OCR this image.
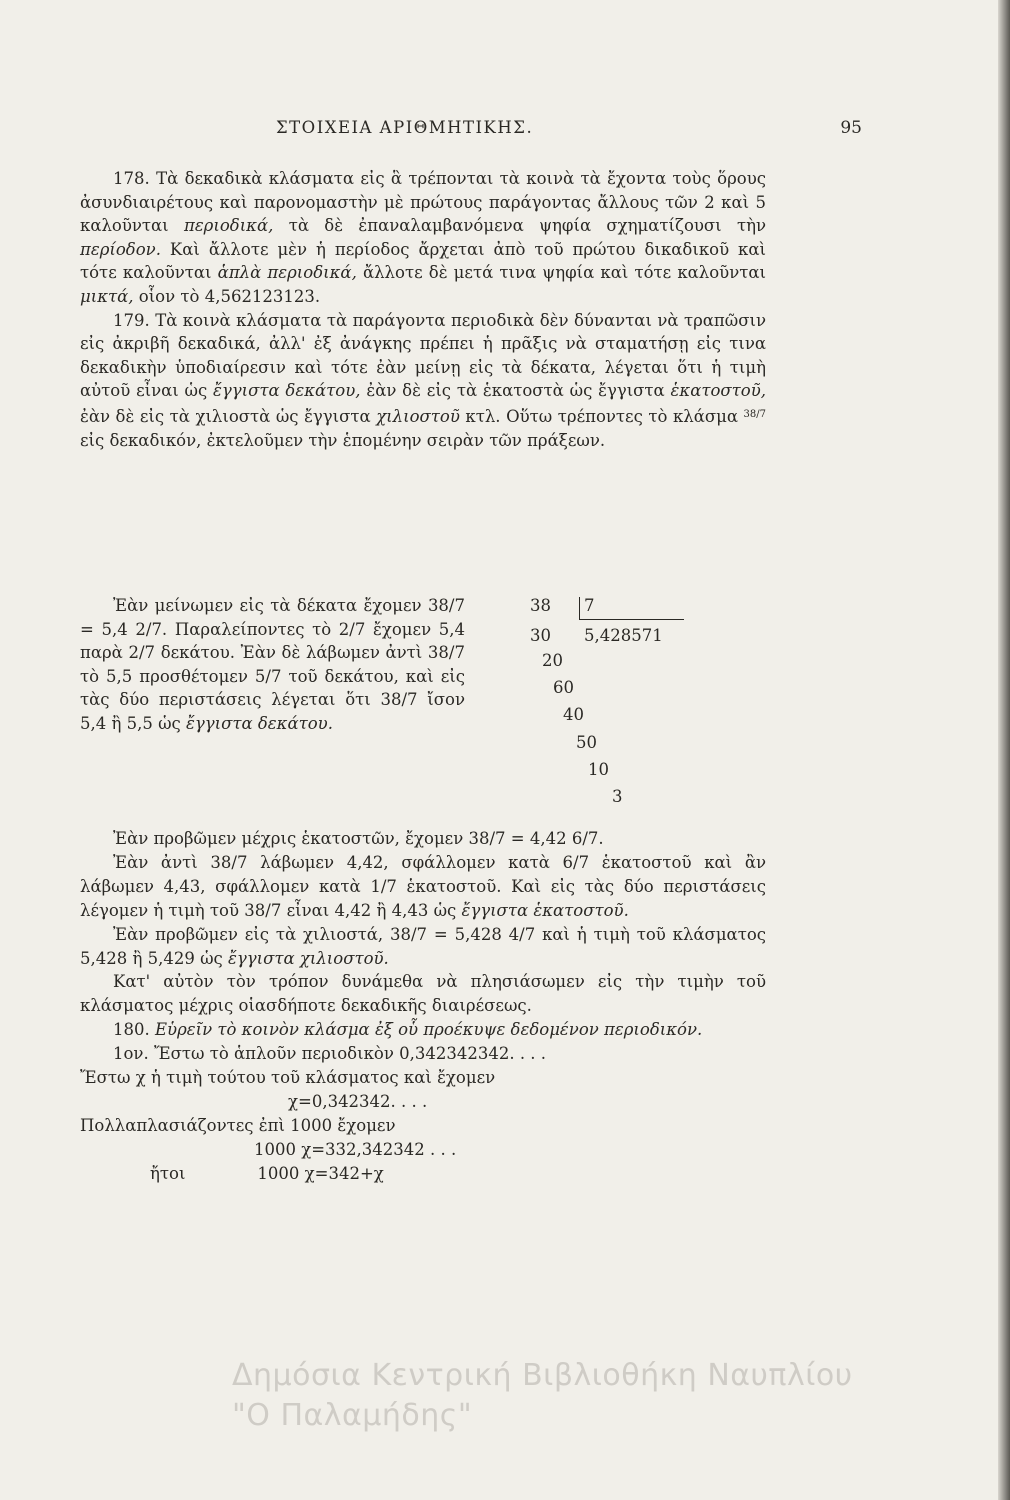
ΣΤΟΙΧΕΙΑ ΑΡΙΘΜΗΤΙΚΗΣ.	95

178. Τὰ δεκαδικὰ κλάσματα εἰς ἃ τρέπονται τὰ κοινὰ τὰ ἔχοντα τοὺς ὅρους ἀσυνδιαιρέτους καὶ παρονομαστὴν μὲ πρώτους παράγοντας ἄλλους τῶν 2 καὶ 5 καλοῦνται περιοδικά, τὰ δὲ ἐπαναλαμβανόμενα ψηφία σχηματίζουσι τὴν περίοδον. Καὶ ἄλλοτε μὲν ἡ περίοδος ἄρχεται ἀπὸ τοῦ πρώτου δικαδικοῦ καὶ τότε καλοῦνται ἁπλὰ περιοδικά, ἄλλοτε δὲ μετά τινα ψηφία καὶ τότε καλοῦνται μικτά, οἷον τὸ 4,562123123.

179. Τὰ κοινὰ κλάσματα τὰ παράγοντα περιοδικὰ δὲν δύνανται νὰ τραπῶσιν εἰς ἀκριβῆ δεκαδικά, ἀλλ' ἐξ ἀνάγκης πρέπει ἡ πρᾶξις νὰ σταματήσῃ εἰς τινα δεκαδικὴν ὑποδιαίρεσιν καὶ τότε ἐὰν μείνῃ εἰς τὰ δέκατα, λέγεται ὅτι ἡ τιμὴ αὐτοῦ εἶναι ὡς ἔγγιστα δεκάτου, ἐὰν δὲ εἰς τὰ ἑκατοστὰ ὡς ἔγγιστα ἑκατοστοῦ, ἐὰν δὲ εἰς τὰ χιλιοστὰ ὡς ἔγγιστα χιλιοστοῦ κτλ. Οὕτω τρέποντες τὸ κλάσμα $^{38/7}$ εἰς δεκαδικόν, ἐκτελοῦμεν τὴν ἑπομένην σειρὰν τῶν πράξεων.

Ἐὰν μείνωμεν εἰς τὰ δέκατα ἔχομεν 38/7 = 5,4 2/7. Παραλείποντες τὸ 2/7 ἔχομεν 5,4 παρὰ 2/7 δεκάτου. Ἐὰν δὲ λάβωμεν ἀντὶ 38/7 τὸ 5,5 προσθέτομεν 5/7 τοῦ δεκάτου, καὶ εἰς τὰς δύο περιστάσεις λέγεται ὅτι 38/7 ἴσον 5,4 ἢ 5,5 ὡς ἔγγιστα δεκάτου.

38 7
30 5,428571
20
60
40
50
10
3

Ἐὰν προβῶμεν μέχρις ἑκατοστῶν, ἔχομεν 38/7 = 4,42 6/7.

Ἐὰν ἀντὶ 38/7 λάβωμεν 4,42, σφάλλομεν κατὰ 6/7 ἑκατοστοῦ καὶ ἂν λάβωμεν 4,43, σφάλλομεν κατὰ 1/7 ἑκατοστοῦ. Καὶ εἰς τὰς δύο περιστάσεις λέγομεν ἡ τιμὴ τοῦ 38/7 εἶναι 4,42 ἢ 4,43 ὡς ἔγγιστα ἑκατοστοῦ.

Ἐὰν προβῶμεν εἰς τὰ χιλιοστά, 38/7 = 5,428 4/7 καὶ ἡ τιμὴ τοῦ κλάσματος 5,428 ἢ 5,429 ὡς ἔγγιστα χιλιοστοῦ.

Κατ' αὐτὸν τὸν τρόπον δυνάμεθα νὰ πλησιάσωμεν εἰς τὴν τιμὴν τοῦ κλάσματος μέχρις οἱασδήποτε δεκαδικῆς διαιρέσεως.

180. Εὑρεῖν τὸ κοινὸν κλάσμα ἐξ οὗ προέκυψε δεδομένον περιοδικόν.

1ον. Ἔστω τὸ ἁπλοῦν περιοδικὸν 0,342342342. . . .

Ἔστω χ ἡ τιμὴ τούτου τοῦ κλάσματος καὶ ἔχομεν

χ=0,342342. . . .

Πολλαπλασιάζοντες ἐπὶ 1000 ἔχομεν

1000 χ=332,342342 . . .

ἤτοι	1000 χ=342+χ

Δημόσια Κεντρική Βιβλιοθήκη Ναυπλίου
"Ο Παλαμήδης"
